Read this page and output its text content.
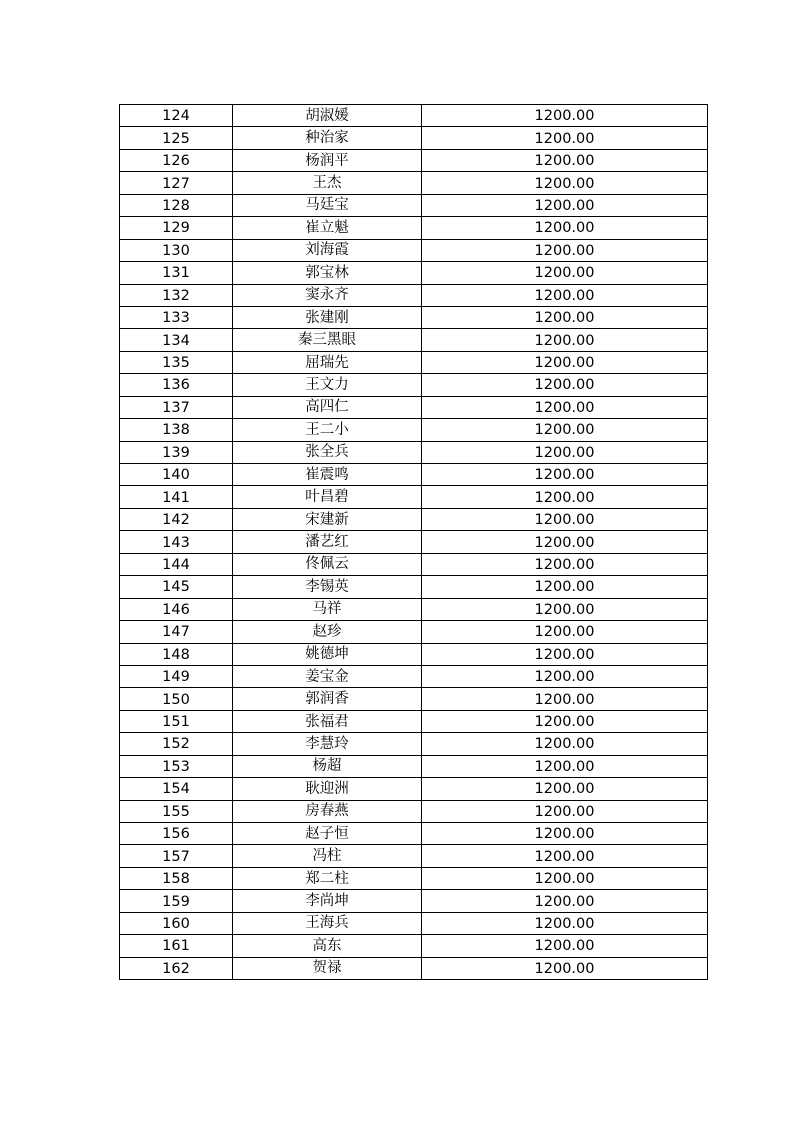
124	胡淑媛	1200.00
125	种治家	1200.00
126	杨润平	1200.00
127	王杰	1200.00
128	马廷宝	1200.00
129	崔立魁	1200.00
130	刘海霞	1200.00
131	郭宝林	1200.00
132	窦永齐	1200.00
133	张建刚	1200.00
134	秦三黑眼	1200.00
135	屈瑞先	1200.00
136	王文力	1200.00
137	高四仁	1200.00
138	王二小	1200.00
139	张全兵	1200.00
140	崔震鸣	1200.00
141	叶昌碧	1200.00
142	宋建新	1200.00
143	潘艺红	1200.00
144	佟佩云	1200.00
145	李锡英	1200.00
146	马祥	1200.00
147	赵珍	1200.00
148	姚德坤	1200.00
149	姜宝金	1200.00
150	郭润香	1200.00
151	张福君	1200.00
152	李慧玲	1200.00
153	杨超	1200.00
154	耿迎洲	1200.00
155	房春燕	1200.00
156	赵子恒	1200.00
157	冯柱	1200.00
158	郑二柱	1200.00
159	李尚坤	1200.00
160	王海兵	1200.00
161	高东	1200.00
162	贺禄	1200.00
